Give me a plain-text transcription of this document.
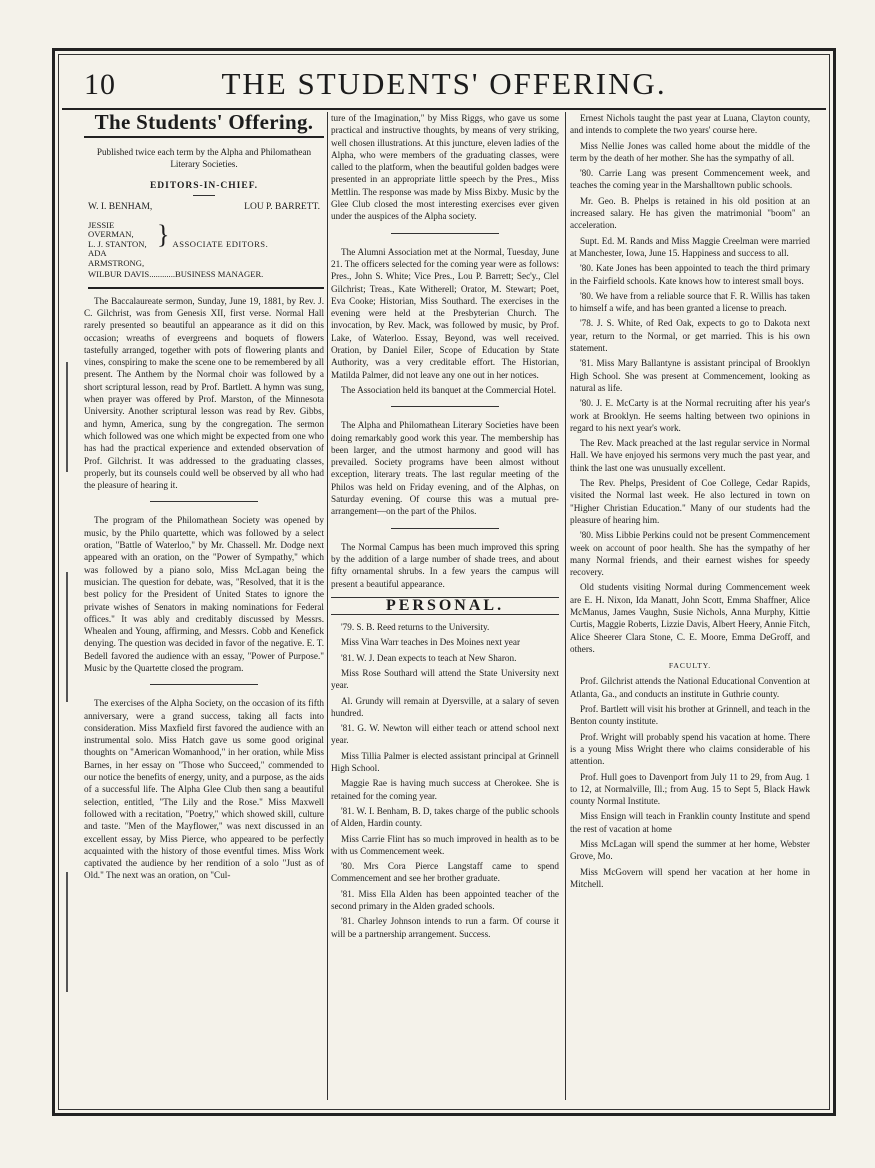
10	THE STUDENTS' OFFERING.
The Students' Offering.
Published twice each term by the Alpha and Philomathean Literary Societies.
EDITORS-IN-CHIEF.
W. I. BENHAM,	LOU P. BARRETT.
JESSIE OVERMAN,
L. J. STANTON,
ADA ARMSTRONG,
} ASSOCIATE EDITORS.
WILBUR DAVIS............BUSINESS MANAGER.

The Baccalaureate sermon, Sunday, June 19, 1881, by Rev. J. C. Gilchrist, was from Genesis XII, first verse. Normal Hall rarely presented so beautiful an appearance as it did on this occasion; wreaths of evergreens and boquets of flowers tastefully arranged, together with pots of flowering plants and vines, conspiring to make the scene one to be remembered by all present. The Anthem by the Normal choir was followed by a short scriptural lesson, read by Prof. Bartlett. A hymn was sung, when prayer was offered by Prof. Marston, of the Minnesota University. Another scriptural lesson was read by Rev. Gibbs, and hymn, America, sung by the congregation. The sermon which followed was one which might be expected from one who has had the practical experience and extended observation of Prof. Gilchrist. It was addressed to the graduating classes, properly, but its counsels could well be observed by all who had the pleasure of hearing it.

The program of the Philomathean Society was opened by music, by the Philo quartette, which was followed by a select oration, "Battle of Waterloo," by Mr. Chassell. Mr. Dodge next appeared with an oration, on the "Power of Sympathy," which was followed by a piano solo, Miss McLagan being the musician. The question for debate, was, "Resolved, that it is the best policy for the President of United States to ignore the private wishes of Senators in making nominations for Federal offices." It was ably and creditably discussed by Messrs. Whealen and Young, affirming, and Messrs. Cobb and Kenefick denying. The question was decided in favor of the negative. E. T. Bedell favored the audience with an essay, "Power of Purpose." Music by the Quartette closed the program.

The exercises of the Alpha Society, on the occasion of its fifth anniversary, were a grand success, taking all facts into consideration. Miss Maxfield first favored the audience with an instrumental solo. Miss Hatch gave us some good original thoughts on "American Womanhood," in her oration, while Miss Barnes, in her essay on "Those who Succeed," commended to our notice the benefits of energy, unity, and a purpose, as the aids of a successful life. The Alpha Glee Club then sang a beautiful selection, entitled, "The Lily and the Rose." Miss Maxwell followed with a recitation, "Poetry," which showed skill, culture and taste. "Men of the Mayflower," was next discussed in an excellent essay, by Miss Pierce, who appeared to be perfectly acquainted with the history of those eventful times. Miss Work captivated the audience by her rendition of a solo "Just as of Old." The next was an oration, on "Cul-

ture of the Imagination," by Miss Riggs, who gave us some practical and instructive thoughts, by means of very striking, well chosen illustrations. At this juncture, eleven ladies of the Alpha, who were members of the graduating classes, were called to the platform, when the beautiful golden badges were presented in an appropriate little speech by the Pres., Miss Mettlin. The response was made by Miss Bixby. Music by the Glee Club closed the most interesting exercises ever given under the auspices of the Alpha society.

The Alumni Association met at the Normal, Tuesday, June 21. The officers selected for the coming year were as follows: Pres., John S. White; Vice Pres., Lou P. Barrett; Sec'y., Clel Gilchrist; Treas., Kate Witherell; Orator, M. Stewart; Poet, Eva Cooke; Historian, Miss Southard. The exercises in the evening were held at the Presbyterian Church. The invocation, by Rev. Mack, was followed by music, by Prof. Lake, of Waterloo. Essay, Beyond, was well received. Oration, by Daniel Eiler, Scope of Education by State Authority, was a very creditable effort. The Historian, Matilda Palmer, did not leave any one out in her notices.

The Association held its banquet at the Commercial Hotel.

The Alpha and Philomathean Literary Societies have been doing remarkably good work this year. The membership has been larger, and the utmost harmony and good will has prevailed. Society programs have been almost without exception, literary treats. The last regular meeting of the Philos was held on Friday evening, and of the Alphas, on Saturday evening. Of course this was a mutual pre-arrangement—on the part of the Philos.

The Normal Campus has been much improved this spring by the addition of a large number of shade trees, and about fifty ornamental shrubs. In a few years the campus will present a beautiful appearance.

PERSONAL.

'79. S. B. Reed returns to the University.

Miss Vina Warr teaches in Des Moines next year

'81. W. J. Dean expects to teach at New Sharon.

Miss Rose Southard will attend the State University next year.

Al. Grundy will remain at Dyersville, at a salary of seven hundred.

'81. G. W. Newton will either teach or attend school next year.

Miss Tillia Palmer is elected assistant principal at Grinnell High School.

Maggie Rae is having much success at Cherokee. She is retained for the coming year.

'81. W. I. Benham, B. D, takes charge of the public schools of Alden, Hardin county.

Miss Carrie Flint has so much improved in health as to be with us Commencement week.

'80. Mrs Cora Pierce Langstaff came to spend Commencement and see her brother graduate.

'81. Miss Ella Alden has been appointed teacher of the second primary in the Alden graded schools.

'81. Charley Johnson intends to run a farm. Of course it will be a partnership arrangement. Success.

Ernest Nichols taught the past year at Luana, Clayton county, and intends to complete the two years' course here.

Miss Nellie Jones was called home about the middle of the term by the death of her mother. She has the sympathy of all.

'80. Carrie Lang was present Commencement week, and teaches the coming year in the Marshalltown public schools.

Mr. Geo. B. Phelps is retained in his old position at an increased salary. He has given the matrimonial "boom" an acceleration.

Supt. Ed. M. Rands and Miss Maggie Creelman were married at Manchester, Iowa, June 15. Happiness and success to all.

'80. Kate Jones has been appointed to teach the third primary in the Fairfield schools. Kate knows how to interest small boys.

'80. We have from a reliable source that F. R. Willis has taken to himself a wife, and has been granted a license to preach.

'78. J. S. White, of Red Oak, expects to go to Dakota next year, return to the Normal, or get married. This is his own statement.

'81. Miss Mary Ballantyne is assistant principal of Brooklyn High School. She was present at Commencement, looking as natural as life.

'80. J. E. McCarty is at the Normal recruiting after his year's work at Brooklyn. He seems halting between two opinions in regard to his next year's work.

The Rev. Mack preached at the last regular service in Normal Hall. We have enjoyed his sermons very much the past year, and think the last one was unusually excellent.

The Rev. Phelps, President of Coe College, Cedar Rapids, visited the Normal last week. He also lectured in town on "Higher Christian Education." Many of our students had the pleasure of hearing him.

'80. Miss Libbie Perkins could not be present Commencement week on account of poor health. She has the sympathy of her many Normal friends, and their earnest wishes for speedy recovery.

Old students visiting Normal during Commencement week are E. H. Nixon, Ida Manatt, John Scott, Emma Shaffner, Alice McManus, James Vaughn, Susie Nichols, Anna Murphy, Kittie Curtis, Maggie Roberts, Lizzie Davis, Albert Heery, Annie Fitch, Alice Sheerer Clara Stone, C. E. Moore, Emma DeGroff, and others.

FACULTY.

Prof. Gilchrist attends the National Educational Convention at Atlanta, Ga., and conducts an institute in Guthrie county.

Prof. Bartlett will visit his brother at Grinnell, and teach in the Benton county institute.

Prof. Wright will probably spend his vacation at home. There is a young Miss Wright there who claims considerable of his attention.

Prof. Hull goes to Davenport from July 11 to 29, from Aug. 1 to 12, at Normalville, Ill.; from Aug. 15 to Sept 5, Black Hawk county Normal Institute.

Miss Ensign will teach in Franklin county Institute and spend the rest of vacation at home

Miss McLagan will spend the summer at her home, Webster Grove, Mo.

Miss McGovern will spend her vacation at her home in Mitchell.
